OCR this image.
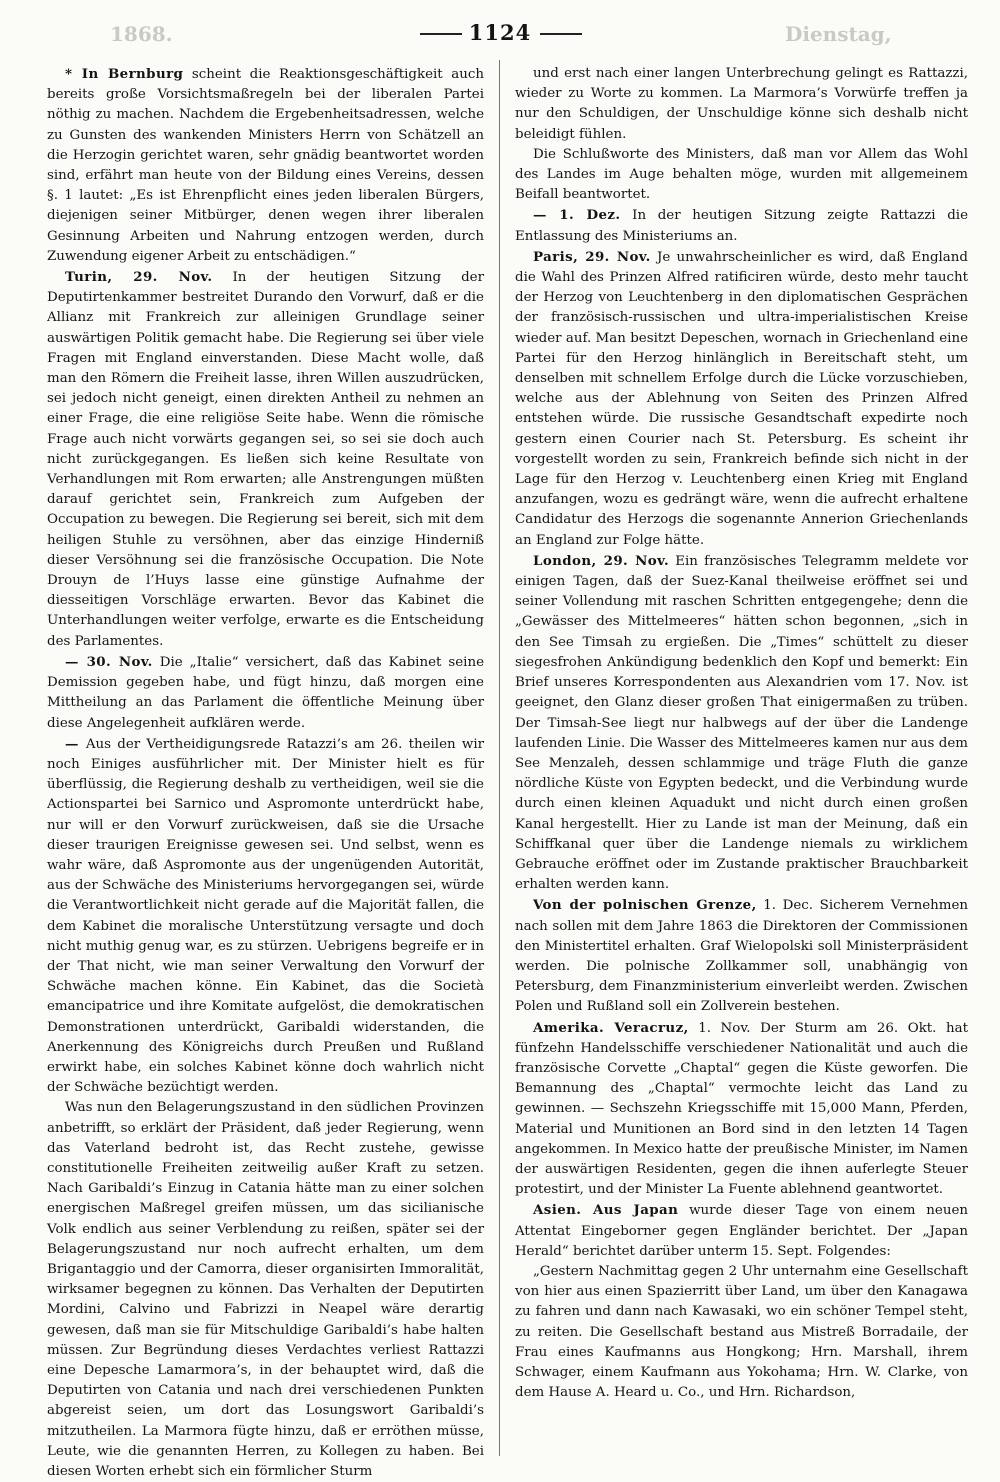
1868.	1124	Dienstag,

* In Bernburg scheint die Reaktionsgeschäftigkeit auch bereits große Vorsichtsmaßregeln bei der liberalen Partei nöthig zu machen. Nachdem die Ergebenheitsadressen, welche zu Gunsten des wankenden Ministers Herrn von Schätzell an die Herzogin gerichtet waren, sehr gnädig beantwortet worden sind, erfährt man heute von der Bildung eines Vereins, dessen §. 1 lautet: „Es ist Ehrenpflicht eines jeden liberalen Bürgers, diejenigen seiner Mitbürger, denen wegen ihrer liberalen Gesinnung Arbeiten und Nahrung entzogen werden, durch Zuwendung eigener Arbeit zu entschädigen.“

Turin, 29. Nov. In der heutigen Sitzung der Deputirtenkammer bestreitet Durando den Vorwurf, daß er die Allianz mit Frankreich zur alleinigen Grundlage seiner auswärtigen Politik gemacht habe. Die Regierung sei über viele Fragen mit England einverstanden. Diese Macht wolle, daß man den Römern die Freiheit lasse, ihren Willen auszudrücken, sei jedoch nicht geneigt, einen direkten Antheil zu nehmen an einer Frage, die eine religiöse Seite habe. Wenn die römische Frage auch nicht vorwärts gegangen sei, so sei sie doch auch nicht zurückgegangen. Es ließen sich keine Resultate von Verhandlungen mit Rom erwarten; alle Anstrengungen müßten darauf gerichtet sein, Frankreich zum Aufgeben der Occupation zu bewegen. Die Regierung sei bereit, sich mit dem heiligen Stuhle zu versöhnen, aber das einzige Hinderniß dieser Versöhnung sei die französische Occupation. Die Note Drouyn de l’Huys lasse eine günstige Aufnahme der diesseitigen Vorschläge erwarten. Bevor das Kabinet die Unterhandlungen weiter verfolge, erwarte es die Entscheidung des Parlamentes.

— 30. Nov. Die „Italie“ versichert, daß das Kabinet seine Demission gegeben habe, und fügt hinzu, daß morgen eine Mittheilung an das Parlament die öffentliche Meinung über diese Angelegenheit aufklären werde.

— Aus der Vertheidigungsrede Ratazzi’s am 26. theilen wir noch Einiges ausführlicher mit. Der Minister hielt es für überflüssig, die Regierung deshalb zu vertheidigen, weil sie die Actionspartei bei Sarnico und Aspromonte unterdrückt habe, nur will er den Vorwurf zurückweisen, daß sie die Ursache dieser traurigen Ereignisse gewesen sei. Und selbst, wenn es wahr wäre, daß Aspromonte aus der ungenügenden Autorität, aus der Schwäche des Ministeriums hervorgegangen sei, würde die Verantwortlichkeit nicht gerade auf die Majorität fallen, die dem Kabinet die moralische Unterstützung versagte und doch nicht muthig genug war, es zu stürzen. Uebrigens begreife er in der That nicht, wie man seiner Verwaltung den Vorwurf der Schwäche machen könne. Ein Kabinet, das die Società emancipatrice und ihre Komitate aufgelöst, die demokratischen Demonstrationen unterdrückt, Garibaldi widerstanden, die Anerkennung des Königreichs durch Preußen und Rußland erwirkt habe, ein solches Kabinet könne doch wahrlich nicht der Schwäche bezüchtigt werden.

Was nun den Belagerungszustand in den südlichen Provinzen anbetrifft, so erklärt der Präsident, daß jeder Regierung, wenn das Vaterland bedroht ist, das Recht zustehe, gewisse constitutionelle Freiheiten zeitweilig außer Kraft zu setzen. Nach Garibaldi’s Einzug in Catania hätte man zu einer solchen energischen Maßregel greifen müssen, um das sicilianische Volk endlich aus seiner Verblendung zu reißen, später sei der Belagerungszustand nur noch aufrecht erhalten, um dem Brigantaggio und der Camorra, dieser organisirten Immoralität, wirksamer begegnen zu können. Das Verhalten der Deputirten Mordini, Calvino und Fabrizzi in Neapel wäre derartig gewesen, daß man sie für Mitschuldige Garibaldi’s habe halten müssen. Zur Begründung dieses Verdachtes verliest Rattazzi eine Depesche Lamarmora’s, in der behauptet wird, daß die Deputirten von Catania und nach drei verschiedenen Punkten abgereist seien, um dort das Losungswort Garibaldi’s mitzutheilen. La Marmora fügte hinzu, daß er erröthen müsse, Leute, wie die genannten Herren, zu Kollegen zu haben. Bei diesen Worten erhebt sich ein förmlicher Sturm

und erst nach einer langen Unterbrechung gelingt es Rattazzi, wieder zu Worte zu kommen. La Marmora’s Vorwürfe treffen ja nur den Schuldigen, der Unschuldige könne sich deshalb nicht beleidigt fühlen.

Die Schlußworte des Ministers, daß man vor Allem das Wohl des Landes im Auge behalten möge, wurden mit allgemeinem Beifall beantwortet.

— 1. Dez. In der heutigen Sitzung zeigte Rattazzi die Entlassung des Ministeriums an.

Paris, 29. Nov. Je unwahrscheinlicher es wird, daß England die Wahl des Prinzen Alfred ratificiren würde, desto mehr taucht der Herzog von Leuchtenberg in den diplomatischen Gesprächen der französisch-russischen und ultra-imperialistischen Kreise wieder auf. Man besitzt Depeschen, wornach in Griechenland eine Partei für den Herzog hinlänglich in Bereitschaft steht, um denselben mit schnellem Erfolge durch die Lücke vorzuschieben, welche aus der Ablehnung von Seiten des Prinzen Alfred entstehen würde. Die russische Gesandtschaft expedirte noch gestern einen Courier nach St. Petersburg. Es scheint ihr vorgestellt worden zu sein, Frankreich befinde sich nicht in der Lage für den Herzog v. Leuchtenberg einen Krieg mit England anzufangen, wozu es gedrängt wäre, wenn die aufrecht erhaltene Candidatur des Herzogs die sogenannte Annerion Griechenlands an England zur Folge hätte.

London, 29. Nov. Ein französisches Telegramm meldete vor einigen Tagen, daß der Suez-Kanal theilweise eröffnet sei und seiner Vollendung mit raschen Schritten entgegengehe; denn die „Gewässer des Mittelmeeres“ hätten schon begonnen, „sich in den See Timsah zu ergießen. Die „Times“ schüttelt zu dieser siegesfrohen Ankündigung bedenklich den Kopf und bemerkt: Ein Brief unseres Korrespondenten aus Alexandrien vom 17. Nov. ist geeignet, den Glanz dieser großen That einigermaßen zu trüben. Der Timsah-See liegt nur halbwegs auf der über die Landenge laufenden Linie. Die Wasser des Mittelmeeres kamen nur aus dem See Menzaleh, dessen schlammige und träge Fluth die ganze nördliche Küste von Egypten bedeckt, und die Verbindung wurde durch einen kleinen Aquadukt und nicht durch einen großen Kanal hergestellt. Hier zu Lande ist man der Meinung, daß ein Schiffkanal quer über die Landenge niemals zu wirklichem Gebrauche eröffnet oder im Zustande praktischer Brauchbarkeit erhalten werden kann.

Von der polnischen Grenze, 1. Dec. Sicherem Vernehmen nach sollen mit dem Jahre 1863 die Direktoren der Commissionen den Ministertitel erhalten. Graf Wielopolski soll Ministerpräsident werden. Die polnische Zollkammer soll, unabhängig von Petersburg, dem Finanzministerium einverleibt werden. Zwischen Polen und Rußland soll ein Zollverein bestehen.

Amerika. Veracruz, 1. Nov. Der Sturm am 26. Okt. hat fünfzehn Handelsschiffe verschiedener Nationalität und auch die französische Corvette „Chaptal“ gegen die Küste geworfen. Die Bemannung des „Chaptal“ vermochte leicht das Land zu gewinnen. — Sechszehn Kriegsschiffe mit 15,000 Mann, Pferden, Material und Munitionen an Bord sind in den letzten 14 Tagen angekommen. In Mexico hatte der preußische Minister, im Namen der auswärtigen Residenten, gegen die ihnen auferlegte Steuer protestirt, und der Minister La Fuente ablehnend geantwortet.

Asien. Aus Japan wurde dieser Tage von einem neuen Attentat Eingeborner gegen Engländer berichtet. Der „Japan Herald“ berichtet darüber unterm 15. Sept. Folgendes:

„Gestern Nachmittag gegen 2 Uhr unternahm eine Gesellschaft von hier aus einen Spazierritt über Land, um über den Kanagawa zu fahren und dann nach Kawasaki, wo ein schöner Tempel steht, zu reiten. Die Gesellschaft bestand aus Mistreß Borradaile, der Frau eines Kaufmanns aus Hongkong; Hrn. Marshall, ihrem Schwager, einem Kaufmann aus Yokohama; Hrn. W. Clarke, von dem Hause A. Heard u. Co., und Hrn. Richardson,
